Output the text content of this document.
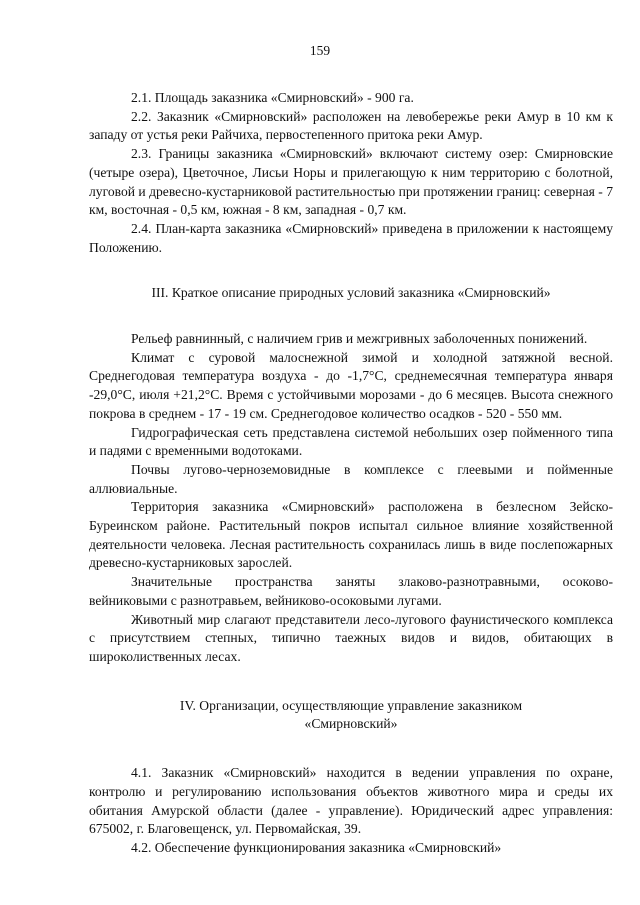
159

2.1. Площадь заказника «Смирновский» - 900 га.

2.2. Заказник «Смирновский» расположен на левобережье реки Амур в 10 км к западу от устья реки Райчиха, первостепенного притока реки Амур.

2.3. Границы заказника «Смирновский» включают систему озер: Смирновские (четыре озера), Цветочное, Лисьи Норы и прилегающую к ним территорию с болотной, луговой и древесно-кустарниковой растительностью при протяжении границ: северная - 7 км, восточная - 0,5 км, южная - 8 км, западная - 0,7 км.

2.4. План-карта заказника «Смирновский» приведена в приложении к настоящему Положению.

III. Краткое описание природных условий заказника «Смирновский»

Рельеф равнинный, с наличием грив и межгривных заболоченных понижений.

Климат с суровой малоснежной зимой и холодной затяжной весной. Среднегодовая температура воздуха - до -1,7°С, среднемесячная температура января -29,0°С, июля +21,2°С. Время с устойчивыми морозами - до 6 месяцев. Высота снежного покрова в среднем - 17 - 19 см. Среднегодовое количество осадков - 520 - 550 мм.

Гидрографическая сеть представлена системой небольших озер пойменного типа и падями с временными водотоками.

Почвы лугово-черноземовидные в комплексе с глеевыми и пойменные аллювиальные.

Территория заказника «Смирновский» расположена в безлесном Зейско-Буреинском районе. Растительный покров испытал сильное влияние хозяйственной деятельности человека. Лесная растительность сохранилась лишь в виде послепожарных древесно-кустарниковых зарослей.

Значительные пространства заняты злаково-разнотравными, осоково-вейниковыми с разнотравьем, вейниково-осоковыми лугами.

Животный мир слагают представители лесо-лугового фаунистического комплекса с присутствием степных, типично таежных видов и видов, обитающих в широколиственных лесах.

IV. Организации, осуществляющие управление заказником

«Смирновский»

4.1. Заказник «Смирновский» находится в ведении управления по охране, контролю и регулированию использования объектов животного мира и среды их обитания Амурской области (далее - управление). Юридический адрес управления: 675002, г. Благовещенск, ул. Первомайская, 39.

4.2. Обеспечение функционирования заказника «Смирновский»
